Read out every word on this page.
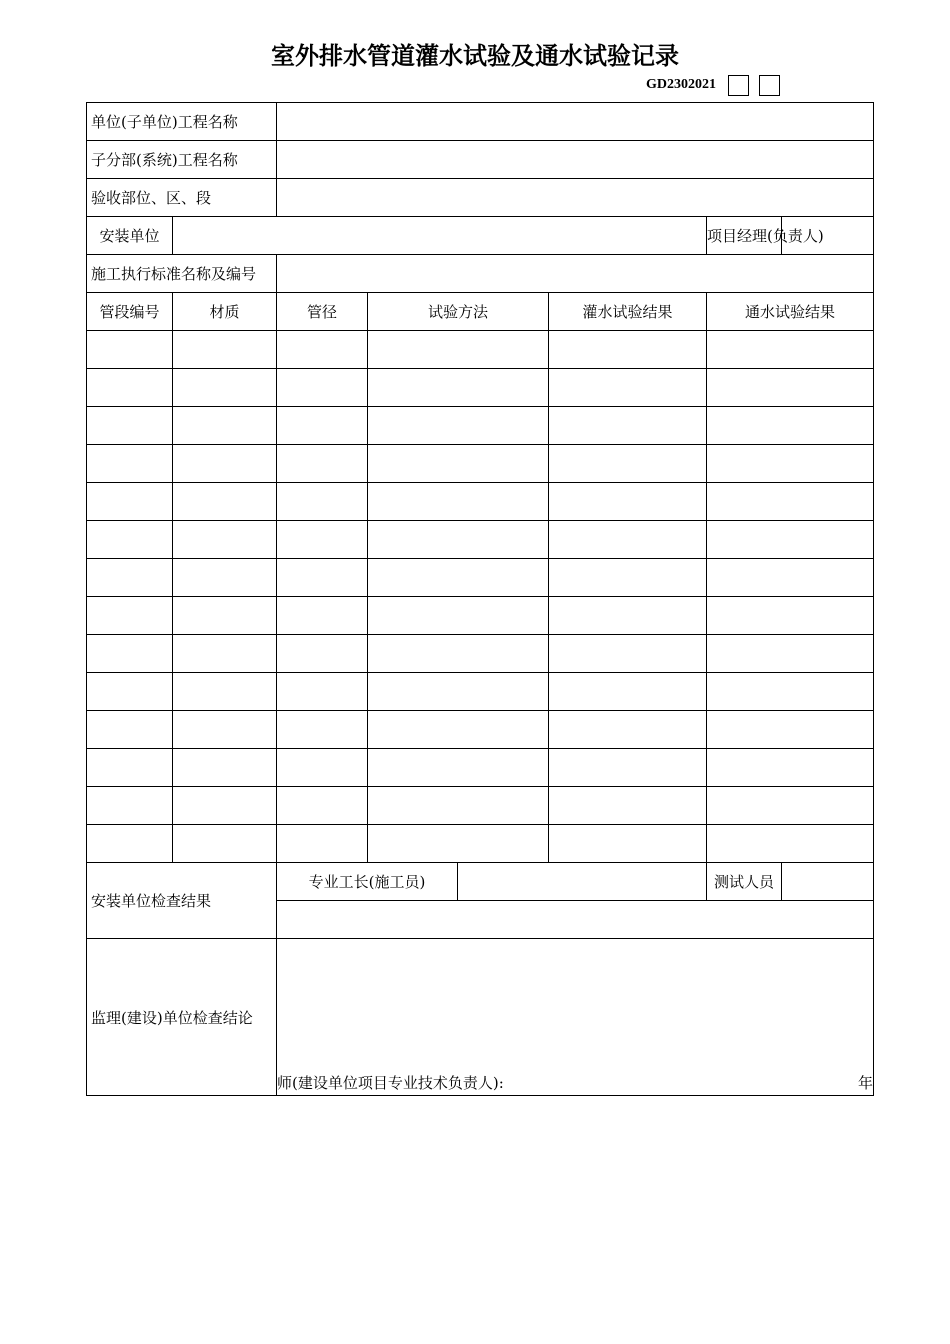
室外排水管道灌水试验及通水试验记录
GD2302021
单位(子单位)工程名称							
子分部(系统)工程名称							
验收部位、区、段							
安装单位						项目经理(负责人)	
施工执行标准名称及编号							
管段编号	材质	管径	试验方法		灌水试验结果	通水试验结果	

安装单位检查结果		专业工长(施工员)				测试人员	

监理(建设)单位检查结论		师(建设单位项目专业技术负责人): 年					
